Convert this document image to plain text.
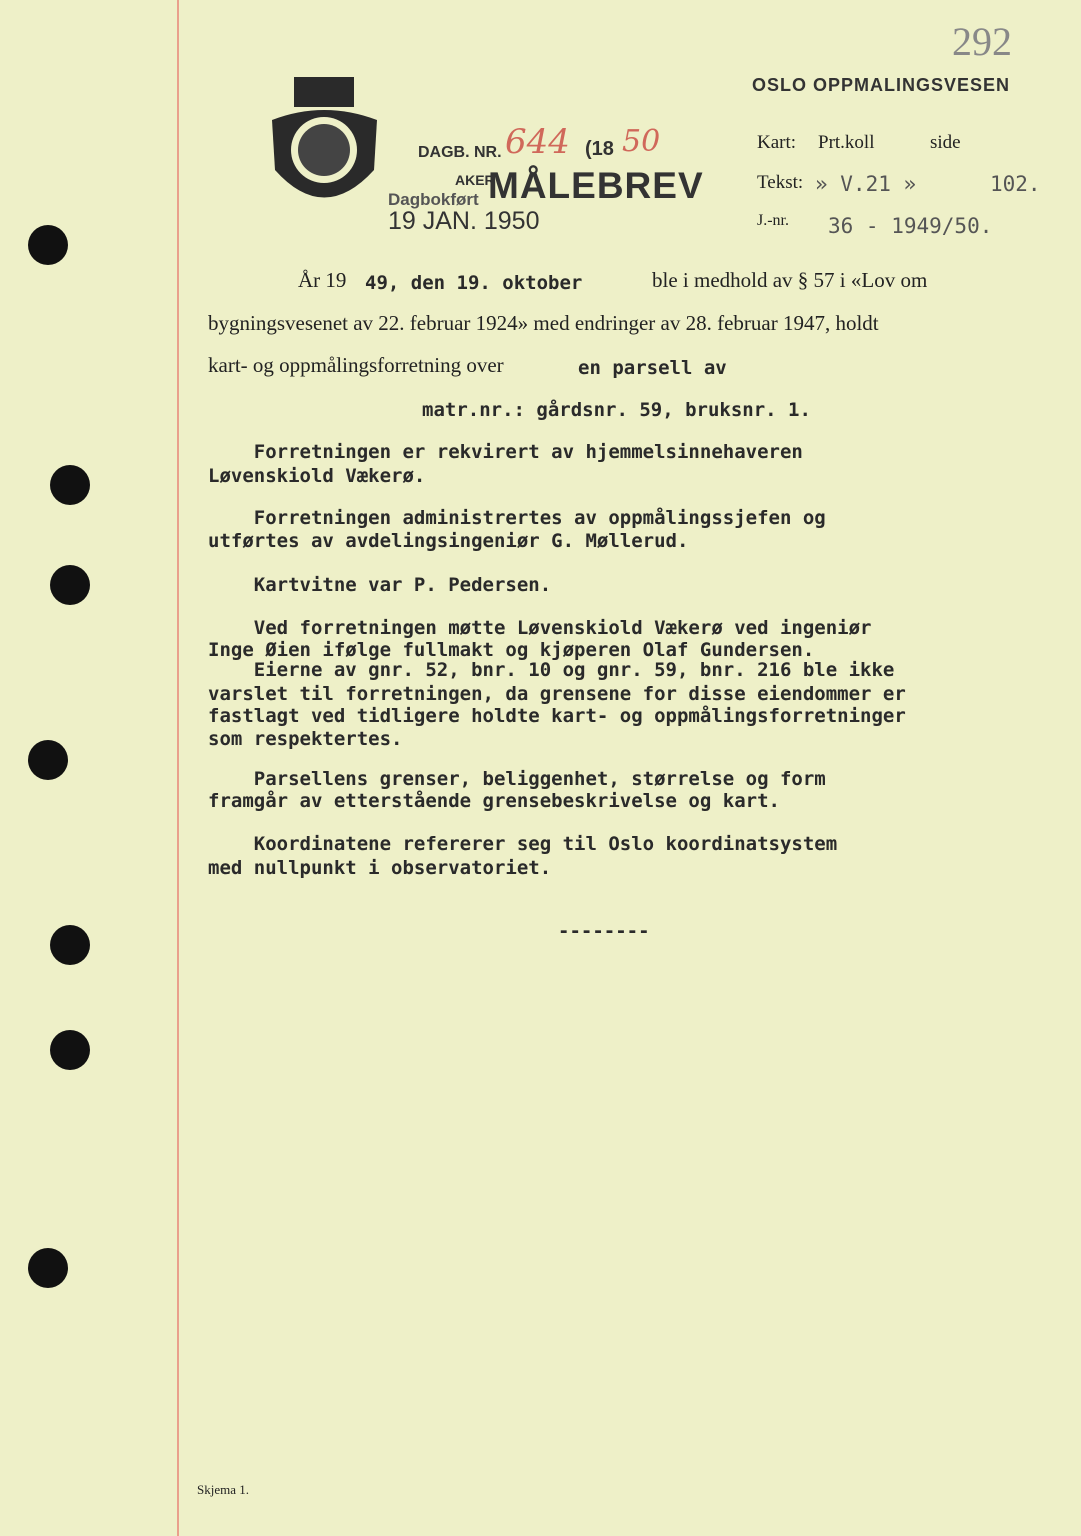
292
DAGB. NR. 644 (18 50
AKER
MÅLEBREV
Dagbokført
19 JAN. 1950
OSLO OPPMALINGSVESEN
Kart: Prt.koll	side
Tekst: » V.21 »	102.
J.-nr. 36 - 1949/50.
År 19 49, den 19. oktober	ble i medhold av § 57 i «Lov om
bygningsvesenet av 22. februar 1924» med endringer av 28. februar 1947, holdt
kart- og oppmålingsforretning over	en parsell av
matr.nr.: gårdsnr. 59, bruksnr. 1.
Forretningen er rekvirert av hjemmelsinnehaveren
Løvenskiold Vækerø.
Forretningen administrertes av oppmålingssjefen og
utførtes av avdelingsingeniør G. Møllerud.
Kartvitne var P. Pedersen.
Ved forretningen møtte Løvenskiold Vækerø ved ingeniør
Inge Øien ifølge fullmakt og kjøperen Olaf Gundersen.
Eierne av gnr. 52, bnr. 10 og gnr. 59, bnr. 216 ble ikke
varslet til forretningen, da grensene for disse eiendommer er
fastlagt ved tidligere holdte kart- og oppmålingsforretninger
som respektertes.
Parsellens grenser, beliggenhet, størrelse og form
framgår av etterstående grensebeskrivelse og kart.
Koordinatene refererer seg til Oslo koordinatsystem
med nullpunkt i observatoriet.
--------
Skjema 1.
